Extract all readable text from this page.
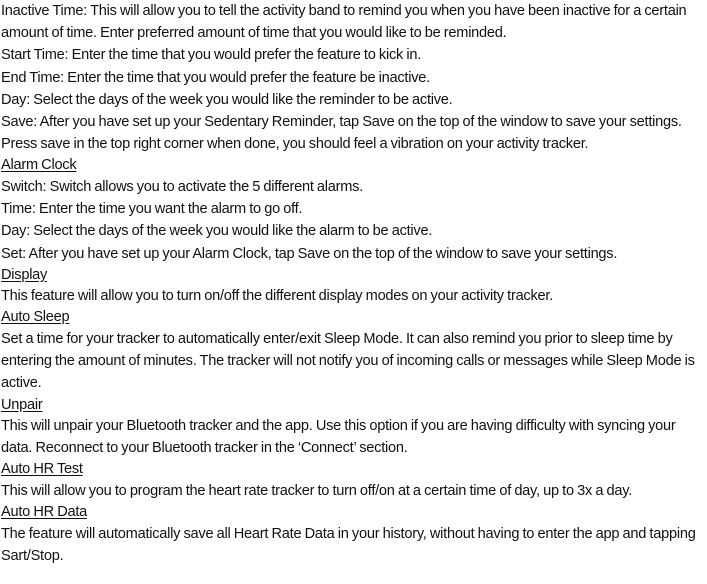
Inactive Time: This will allow you to tell the activity band to remind you when you have been inactive for a certain amount of time. Enter preferred amount of time that you would like to be reminded.

Start Time: Enter the time that you would prefer the feature to kick in.

End Time: Enter the time that you would prefer the feature be inactive.

Day: Select the days of the week you would like the reminder to be active.

Save: After you have set up your Sedentary Reminder, tap Save on the top of the window to save your settings.

Press save in the top right corner when done, you should feel a vibration on your activity tracker.

Alarm Clock

Switch: Switch allows you to activate the 5 different alarms.

Time: Enter the time you want the alarm to go off.

Day: Select the days of the week you would like the alarm to be active.

Set: After you have set up your Alarm Clock, tap Save on the top of the window to save your settings.

Display

This feature will allow you to turn on/off the different display modes on your activity tracker.

Auto Sleep

Set a time for your tracker to automatically enter/exit Sleep Mode. It can also remind you prior to sleep time by entering the amount of minutes. The tracker will not notify you of incoming calls or messages while Sleep Mode is active.

Unpair

This will unpair your Bluetooth tracker and the app. Use this option if you are having difficulty with syncing your data. Reconnect to your Bluetooth tracker in the ‘Connect’ section.

Auto HR Test

This will allow you to program the heart rate tracker to turn off/on at a certain time of day, up to 3x a day.

Auto HR Data

The feature will automatically save all Heart Rate Data in your history, without having to enter the app and tapping Sart/Stop.
